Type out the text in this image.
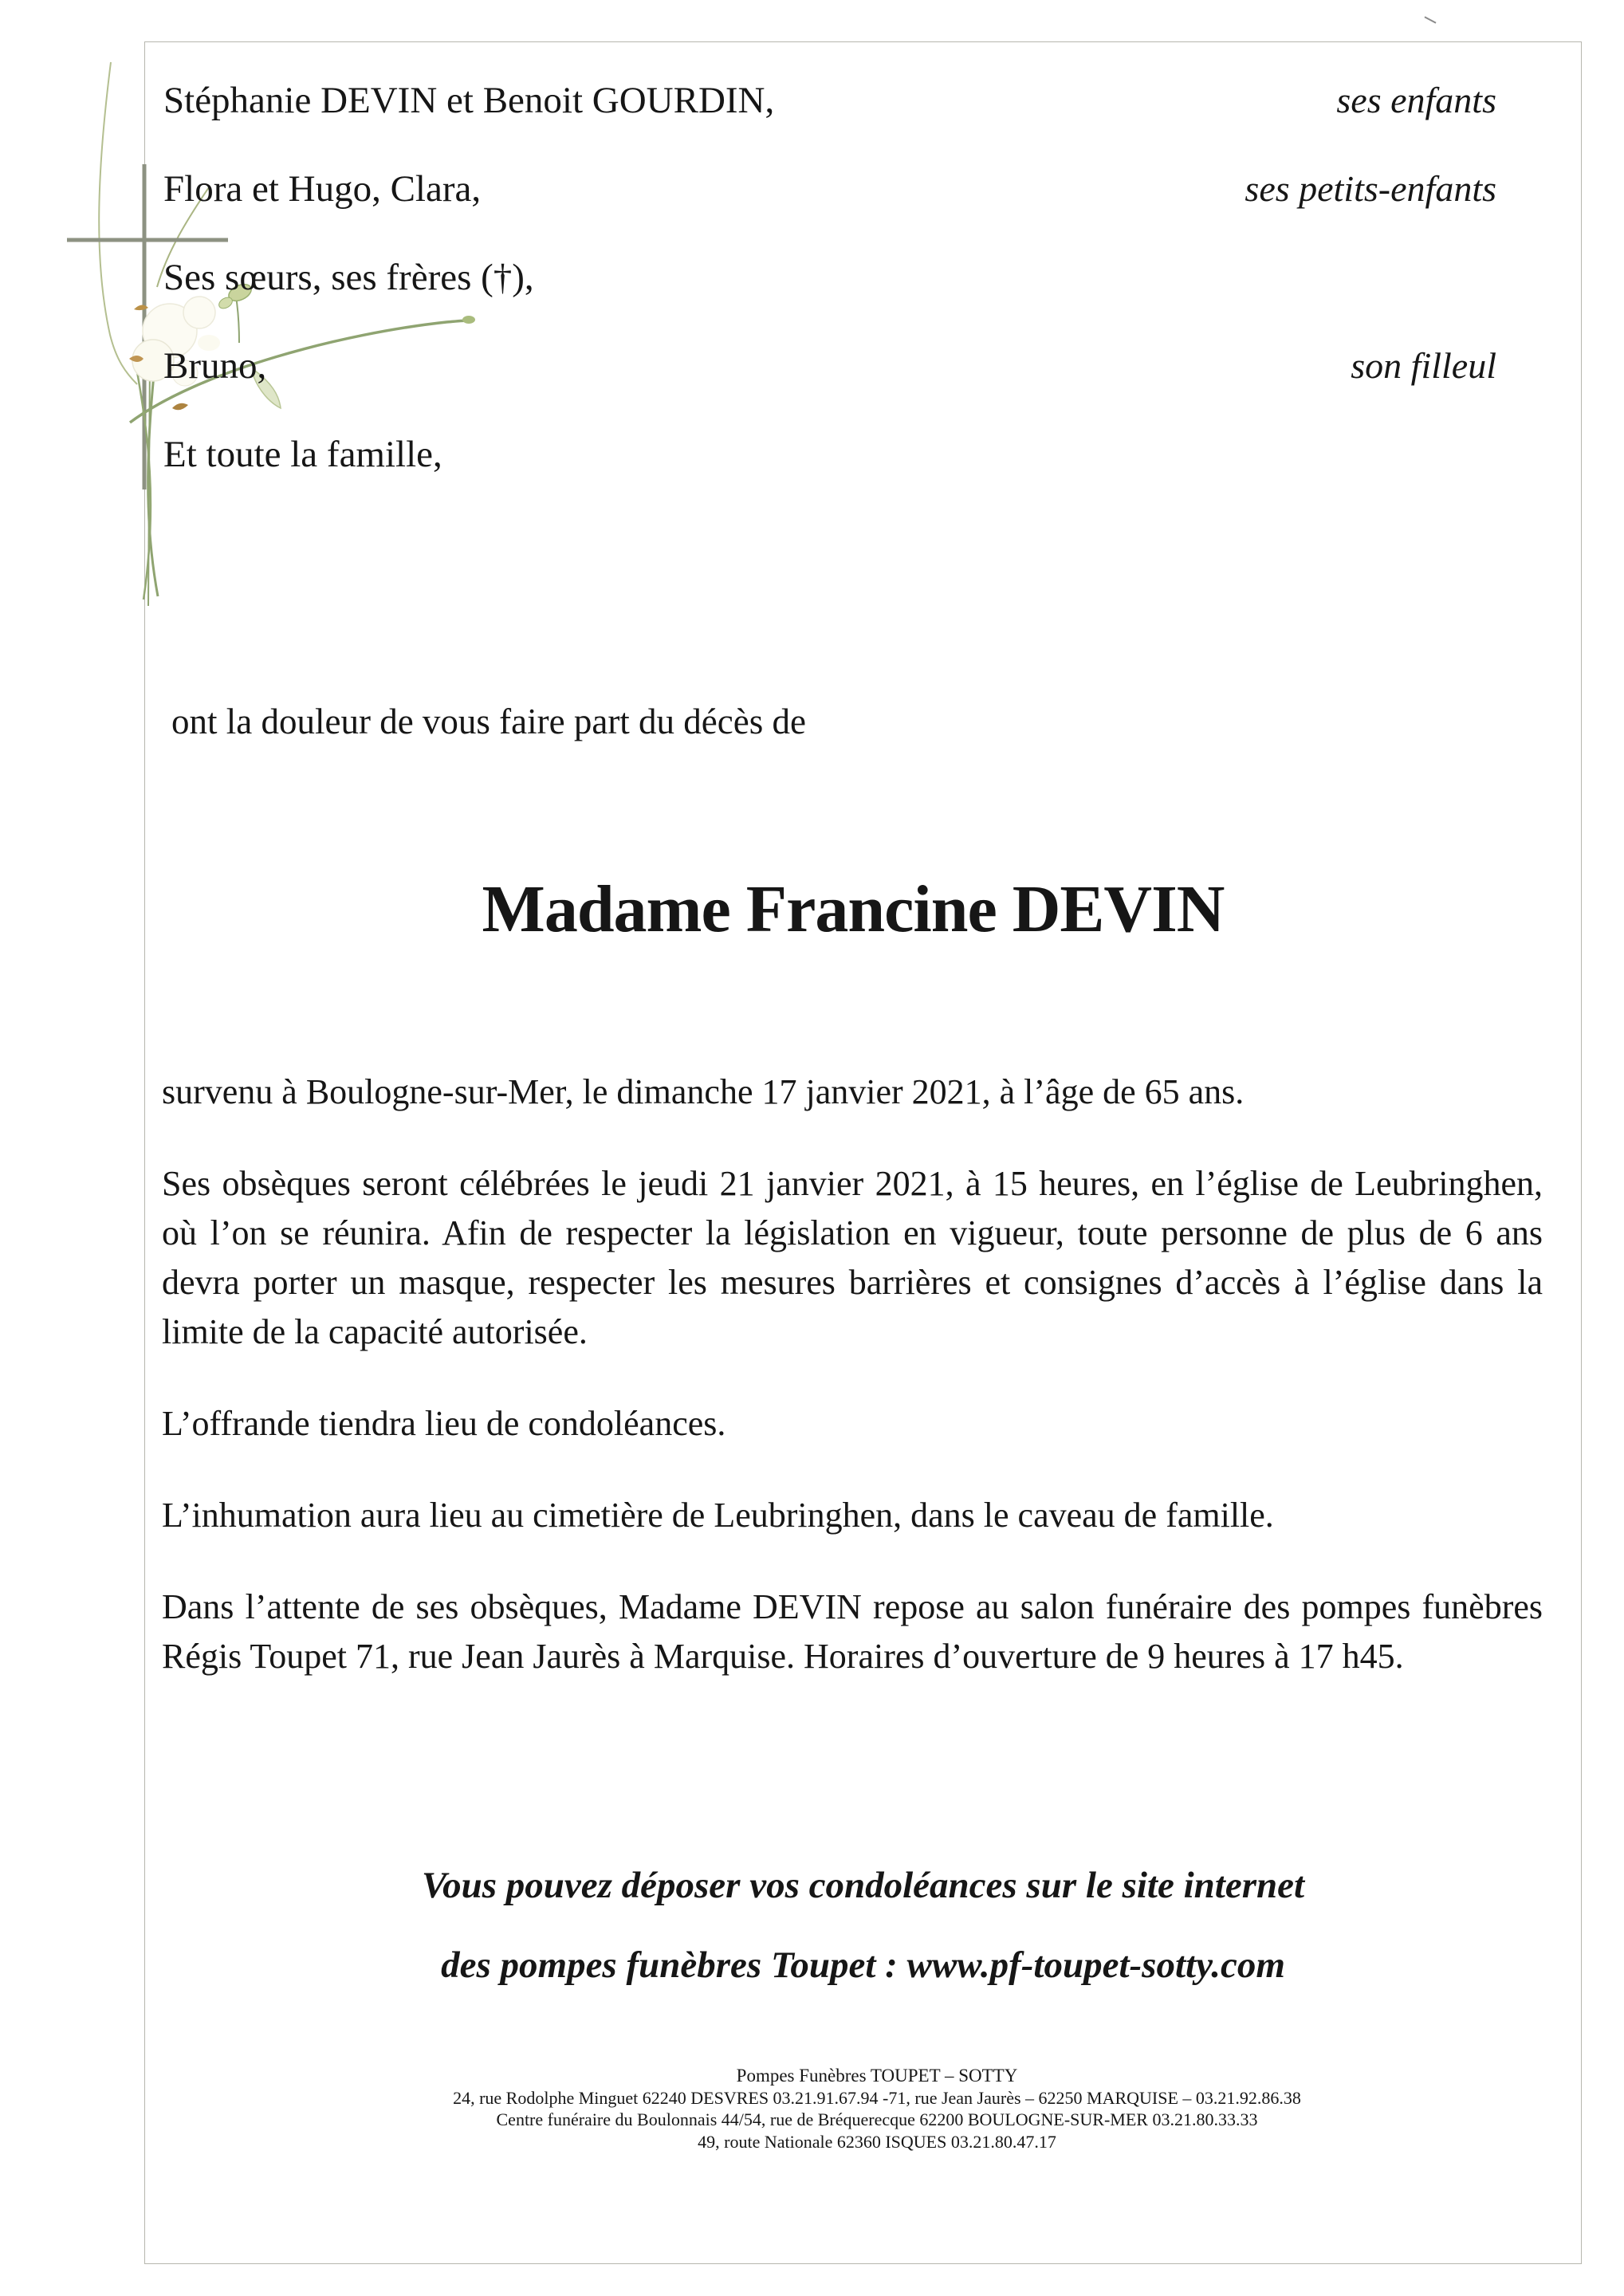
Stéphanie DEVIN et Benoit GOURDIN,	ses enfants
Flora et Hugo, Clara,	ses petits-enfants
Ses sœurs, ses frères (†),
Bruno,	son filleul
Et toute la famille,
ont la douleur de vous faire part du décès de
Madame Francine DEVIN

survenu à Boulogne-sur-Mer, le dimanche 17 janvier 2021, à l’âge de 65 ans.

Ses obsèques seront célébrées le jeudi 21 janvier 2021, à 15 heures, en l’église de Leubringhen, où l’on se réunira. Afin de respecter la législation en vigueur, toute personne de plus de 6 ans devra porter un masque, respecter les mesures barrières et consignes d’accès à l’église dans la limite de la capacité autorisée.

L’offrande tiendra lieu de condoléances.

L’inhumation aura lieu au cimetière de Leubringhen, dans le caveau de famille.

Dans l’attente de ses obsèques, Madame DEVIN repose au salon funéraire des pompes funèbres Régis Toupet 71, rue Jean Jaurès à Marquise. Horaires d’ouverture de 9 heures à 17 h45.

Vous pouvez déposer vos condoléances sur le site internet
des pompes funèbres Toupet : www.pf-toupet-sotty.com
Pompes Funèbres TOUPET – SOTTY
24, rue Rodolphe Minguet 62240 DESVRES 03.21.91.67.94 -71, rue Jean Jaurès – 62250 MARQUISE – 03.21.92.86.38
Centre funéraire du Boulonnais 44/54, rue de Bréquerecque 62200 BOULOGNE-SUR-MER 03.21.80.33.33
49, route Nationale 62360 ISQUES 03.21.80.47.17
